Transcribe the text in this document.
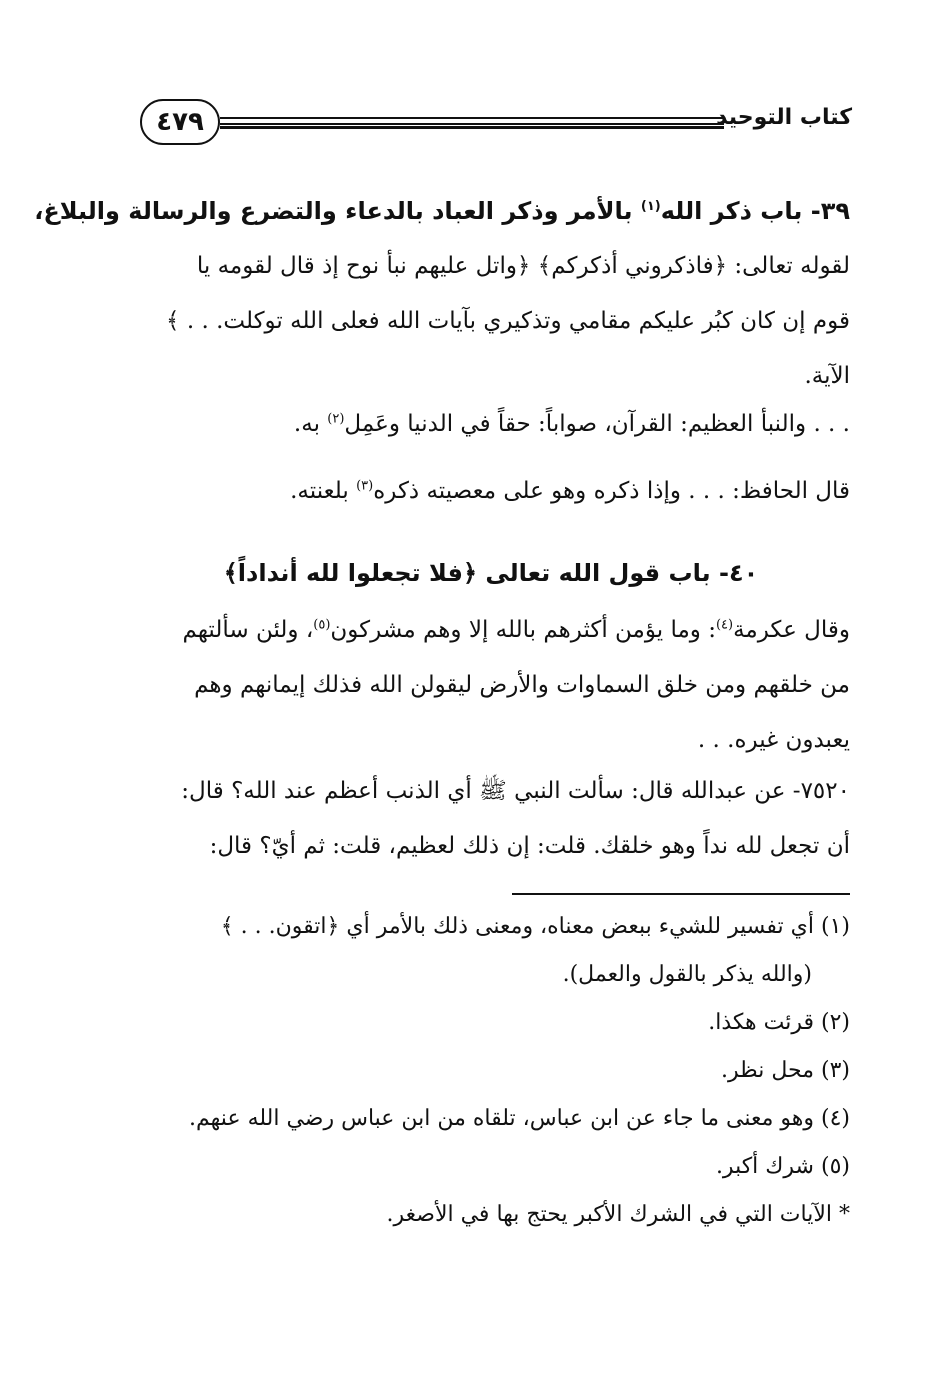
٤٧٩	كتاب التوحيد
٣٩- باب ذكر الله$^{(١)}$ بالأمر وذكر العباد بالدعاء والتضرع والرسالة والبلاغ،
لقوله تعالى: ﴿فاذكروني أذكركم﴾ ﴿واتل عليهم نبأ نوح إذ قال لقومه يا
قوم إن كان كبُر عليكم مقامي وتذكيري بآيات الله فعلى الله توكلت. . . ﴾
الآية.
. . . والنبأ العظيم: القرآن، صواباً: حقاً في الدنيا وعَمِل$^{(٢)}$ به.
قال الحافظ: . . . وإذا ذكره وهو على معصيته ذكره$^{(٣)}$ بلعنته.
٤٠- باب قول الله تعالى ﴿فلا تجعلوا لله أنداداً﴾
وقال عكرمة$^{(٤)}$: وما يؤمن أكثرهم بالله إلا وهم مشركون$^{(٥)}$، ولئن سألتهم
من خلقهم ومن خلق السماوات والأرض ليقولن الله فذلك إيمانهم وهم
يعبدون غيره. . .
٧٥٢٠- عن عبدالله قال: سألت النبي ﷺ أي الذنب أعظم عند الله؟ قال:
أن تجعل لله نداً وهو خلقك. قلت: إن ذلك لعظيم، قلت: ثم أيّ؟ قال:
(١) أي تفسير للشيء ببعض معناه، ومعنى ذلك بالأمر أي ﴿اتقون. . . ﴾
(والله يذكر بالقول والعمل).
(٢) قرئت هكذا.
(٣) محل نظر.
(٤) وهو معنى ما جاء عن ابن عباس، تلقاه من ابن عباس رضي الله عنهم.
(٥) شرك أكبر.
* الآيات التي في الشرك الأكبر يحتج بها في الأصغر.
